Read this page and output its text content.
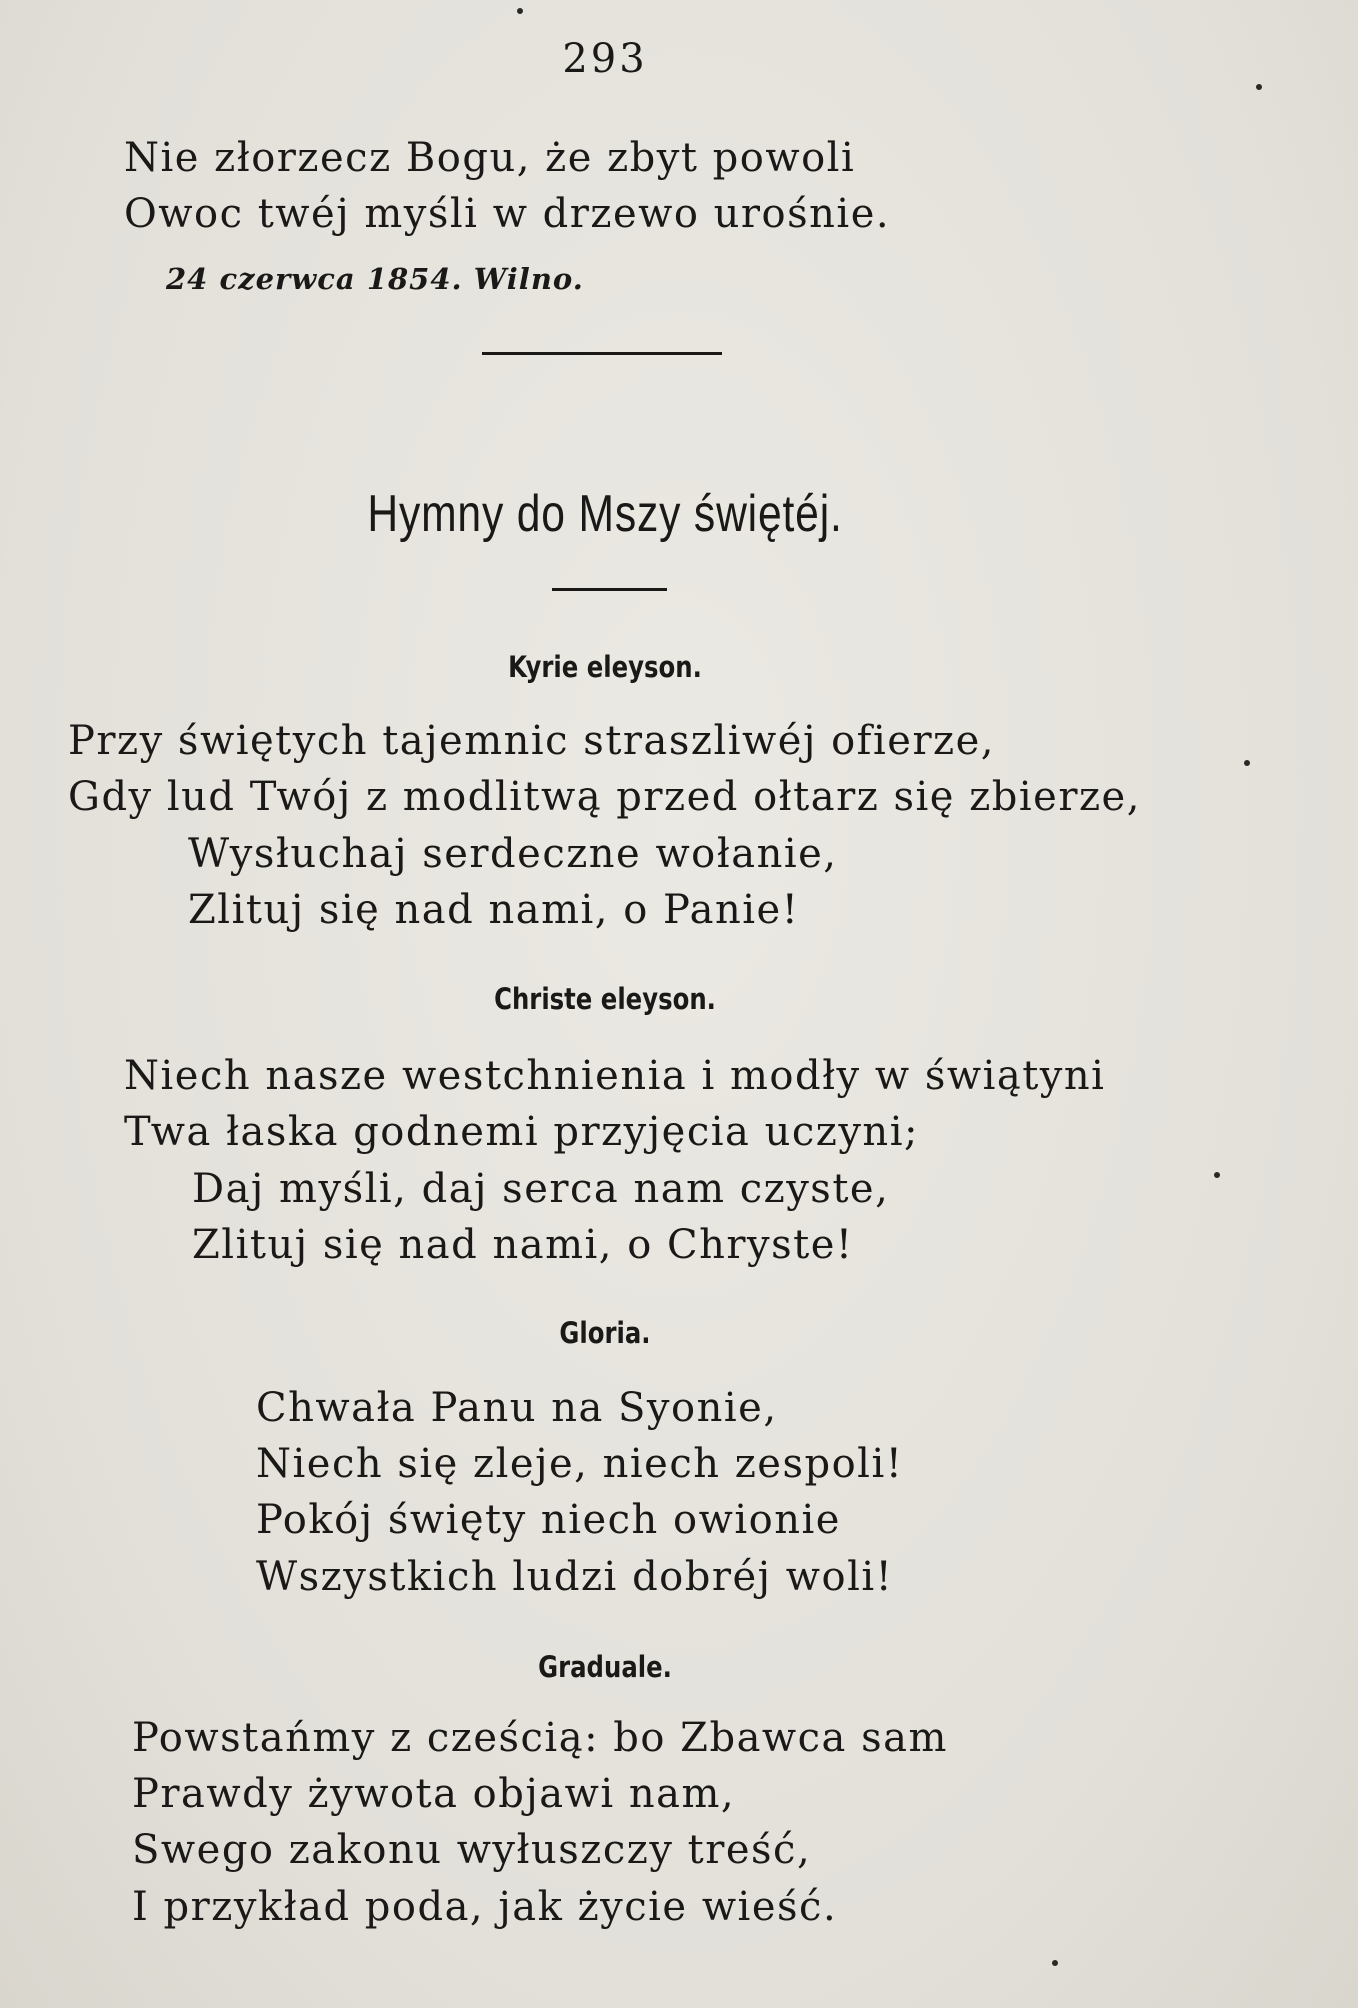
293
Nie złorzecz Bogu, że zbyt powoli
Owoc twéj myśli w drzewo urośnie.
24 czerwca 1854. Wilno.
Hymny do Mszy świętéj.
Kyrie eleyson.
Przy świętych tajemnic straszliwéj ofierze,
Gdy lud Twój z modlitwą przed ołtarz się zbierze,
Wysłuchaj serdeczne wołanie,
Zlituj się nad nami, o Panie!
Christe eleyson.
Niech nasze westchnienia i modły w świątyni
Twa łaska godnemi przyjęcia uczyni;
Daj myśli, daj serca nam czyste,
Zlituj się nad nami, o Chryste!
Gloria.
Chwała Panu na Syonie,
Niech się zleje, niech zespoli!
Pokój święty niech owionie
Wszystkich ludzi dobréj woli!
Graduale.
Powstańmy z cześcią: bo Zbawca sam
Prawdy żywota objawi nam,
Swego zakonu wyłuszczy treść,
I przykład poda, jak życie wieść.
